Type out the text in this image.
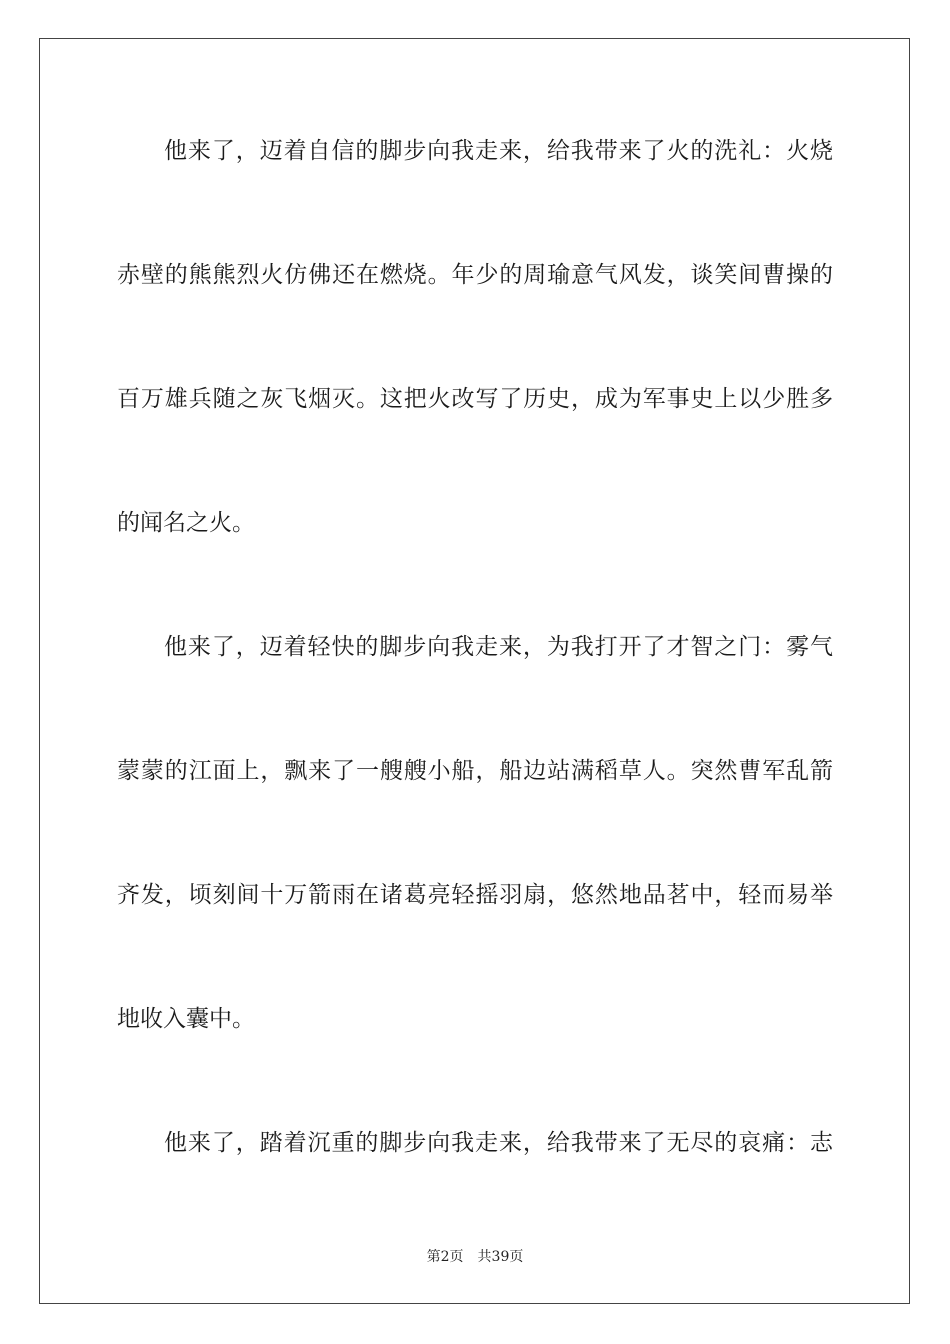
他来了，迈着自信的脚步向我走来，给我带来了火的洗礼：火烧
赤壁的熊熊烈火仿佛还在燃烧。年少的周瑜意气风发，谈笑间曹操的
百万雄兵随之灰飞烟灭。这把火改写了历史，成为军事史上以少胜多
的闻名之火。
他来了，迈着轻快的脚步向我走来，为我打开了才智之门：雾气
蒙蒙的江面上，飘来了一艘艘小船，船边站满稻草人。突然曹军乱箭
齐发，顷刻间十万箭雨在诸葛亮轻摇羽扇，悠然地品茗中，轻而易举
地收入囊中。
他来了，踏着沉重的脚步向我走来，给我带来了无尽的哀痛：志
第2页 共39页
